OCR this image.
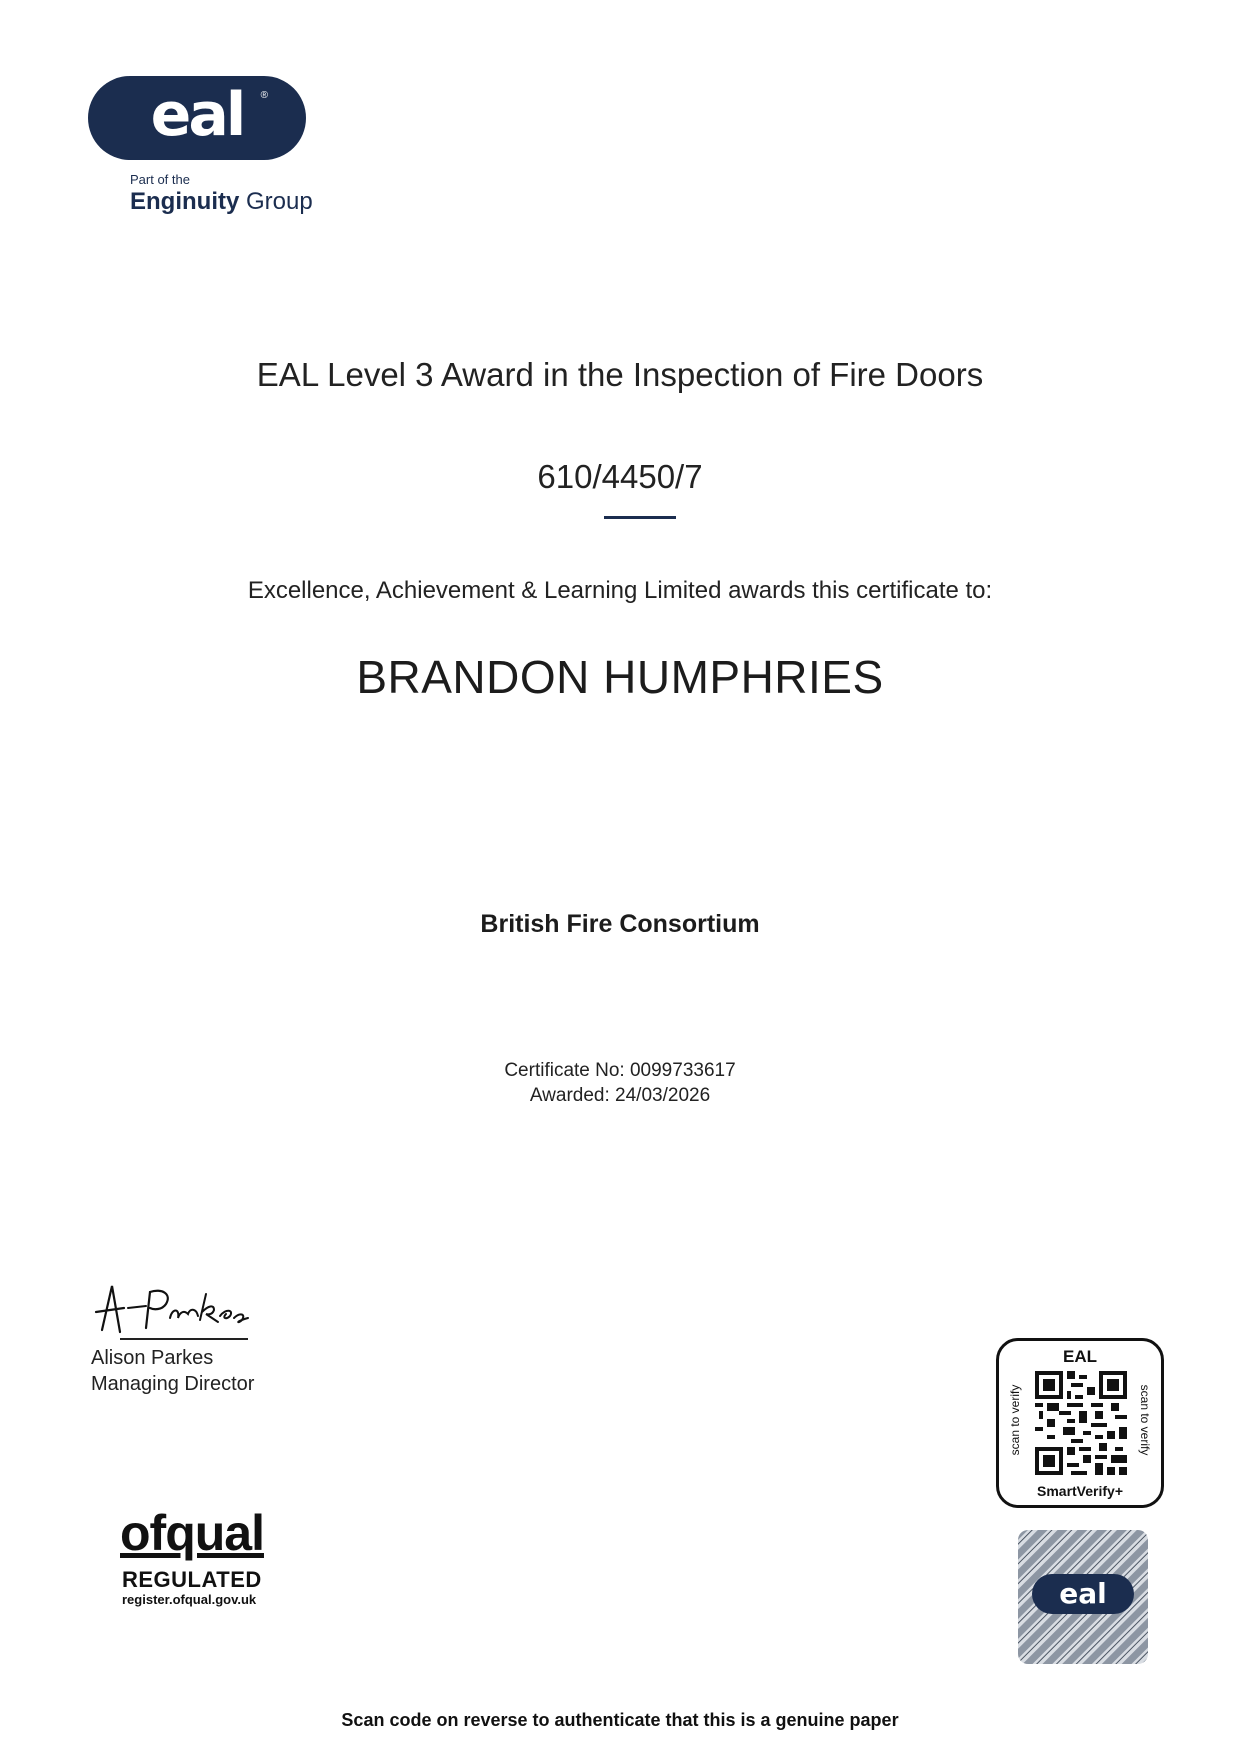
eal ®
Part of the
Enginuity Group
EAL Level 3 Award in the Inspection of Fire Doors
610/4450/7
Excellence, Achievement & Learning Limited awards this certificate to:
BRANDON HUMPHRIES
British Fire Consortium
Certificate No: 0099733617
Awarded: 24/03/2026
Alison Parkes
Managing Director
ofqual
REGULATED
register.ofqual.gov.uk
EAL
scan to verify	scan to verify
SmartVerify+
eal
Scan code on reverse to authenticate that this is a genuine paper
